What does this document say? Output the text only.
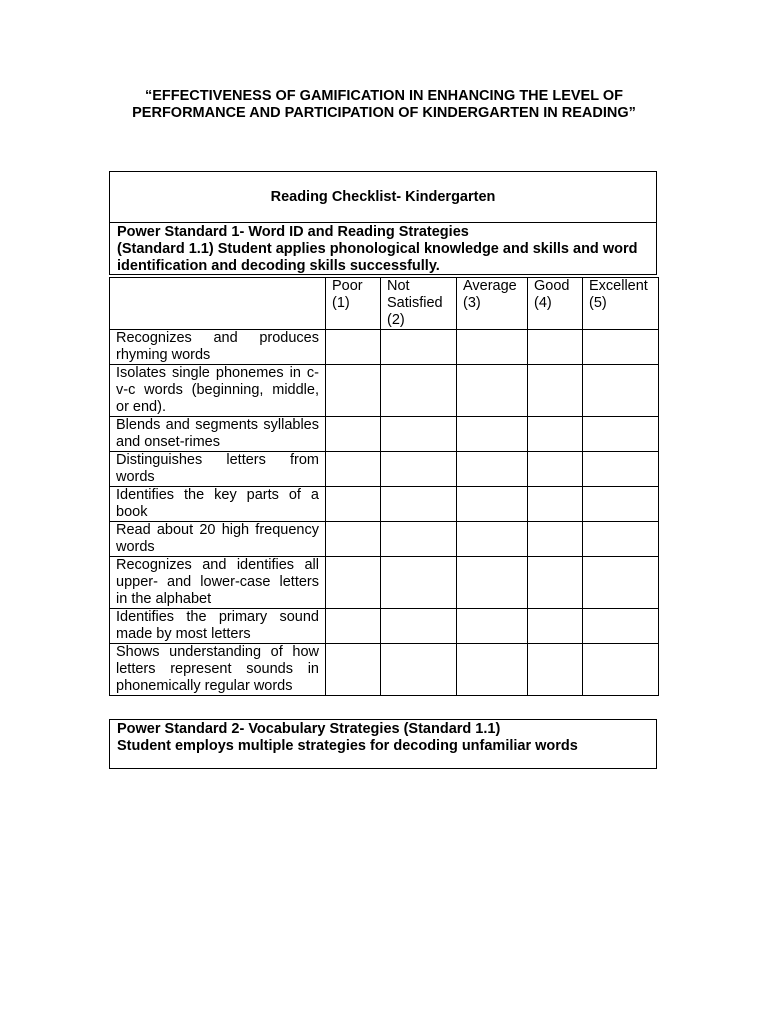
“EFFECTIVENESS OF GAMIFICATION IN ENHANCING THE LEVEL OF PERFORMANCE AND PARTICIPATION OF KINDERGARTEN IN READING”
Reading Checklist- Kindergarten
Power Standard 1- Word ID and Reading Strategies
(Standard 1.1) Student applies phonological knowledge and skills and word identification and decoding skills successfully.
	Poor (1)	Not Satisfied (2)	Average (3)	Good (4)	Excellent (5)
Recognizes and produces rhyming words					
Isolates single phonemes in c-v-c words (beginning, middle, or end).					
Blends and segments syllables and onset-rimes					
Distinguishes letters from words					
Identifies the key parts of a book					
Read about 20 high frequency words					
Recognizes and identifies all upper- and lower-case letters in the alphabet					
Identifies the primary sound made by most letters					
Shows understanding of how letters represent sounds in phonemically regular words					
Power Standard 2- Vocabulary Strategies (Standard 1.1)
Student employs multiple strategies for decoding unfamiliar words
